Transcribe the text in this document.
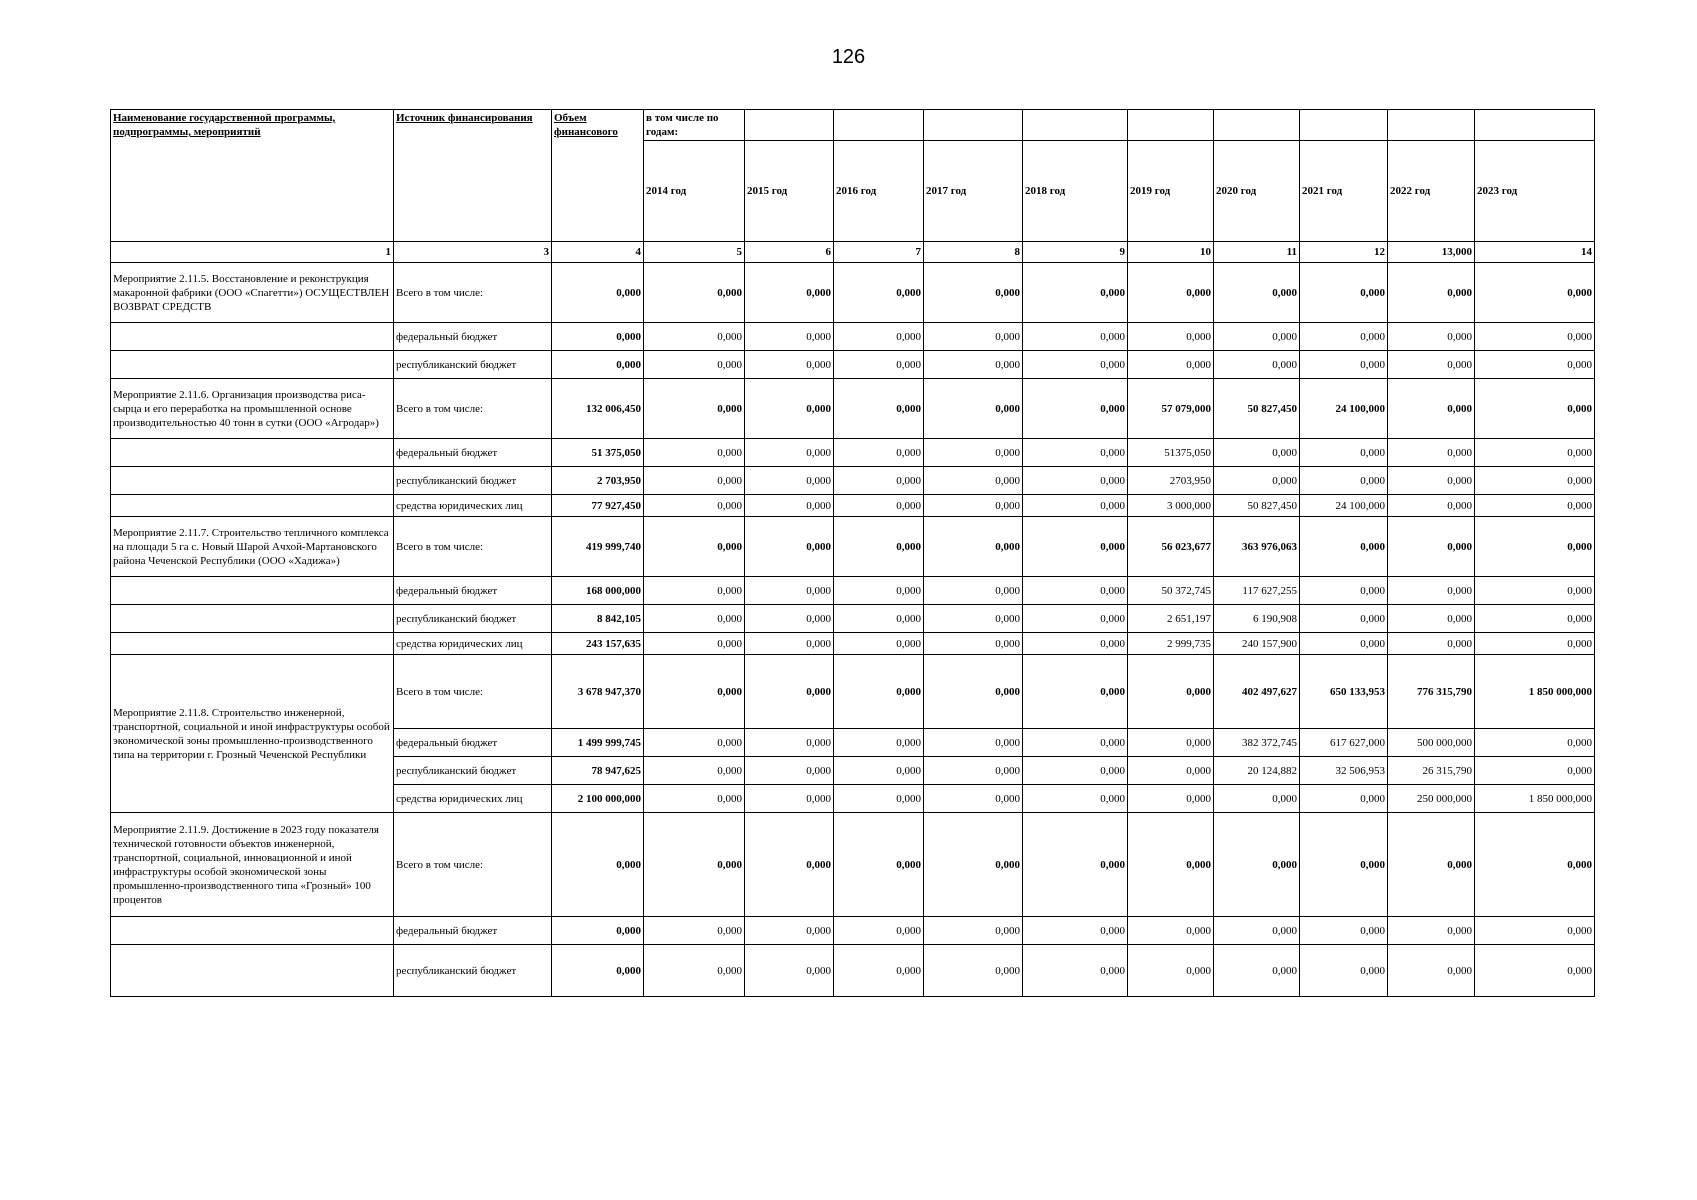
126
Наименование государственной программы, подпрограммы, мероприятий	Источник финансирования	Объем финансового	в том числе по годам:									
			2014 год	2015 год	2016 год	2017 год	2018 год	2019 год	2020 год	2021 год	2022 год	2023 год
1	3	4	5	6	7	8	9	10	11	12	13,000	14
Мероприятие 2.11.5. Восстановление и реконструкция макаронной фабрики (ООО «Спагетти») ОСУЩЕСТВЛЕН ВОЗВРАТ СРЕДСТВ	Всего в том числе:	0,000	0,000	0,000	0,000	0,000	0,000	0,000	0,000	0,000	0,000	0,000
	федеральный бюджет	0,000	0,000	0,000	0,000	0,000	0,000	0,000	0,000	0,000	0,000	0,000
	республиканский бюджет	0,000	0,000	0,000	0,000	0,000	0,000	0,000	0,000	0,000	0,000	0,000
Мероприятие 2.11.6. Организация производства риса-сырца и его переработка на промышленной основе производительностью 40 тонн в сутки (ООО «Агродар»)	Всего в том числе:	132 006,450	0,000	0,000	0,000	0,000	0,000	57 079,000	50 827,450	24 100,000	0,000	0,000
	федеральный бюджет	51 375,050	0,000	0,000	0,000	0,000	0,000	51375,050	0,000	0,000	0,000	0,000
	республиканский бюджет	2 703,950	0,000	0,000	0,000	0,000	0,000	2703,950	0,000	0,000	0,000	0,000
	средства юридических лиц	77 927,450	0,000	0,000	0,000	0,000	0,000	3 000,000	50 827,450	24 100,000	0,000	0,000
Мероприятие 2.11.7. Строительство тепличного комплекса на площади 5 га с. Новый Шарой Ачхой-Мартановского района Чеченской Республики (ООО «Хадижа»)	Всего в том числе:	419 999,740	0,000	0,000	0,000	0,000	0,000	56 023,677	363 976,063	0,000	0,000	0,000
	федеральный бюджет	168 000,000	0,000	0,000	0,000	0,000	0,000	50 372,745	117 627,255	0,000	0,000	0,000
	республиканский бюджет	8 842,105	0,000	0,000	0,000	0,000	0,000	2 651,197	6 190,908	0,000	0,000	0,000
	средства юридических лиц	243 157,635	0,000	0,000	0,000	0,000	0,000	2 999,735	240 157,900	0,000	0,000	0,000
Мероприятие 2.11.8. Строительство инженерной, транспортной, социальной и иной инфраструктуры особой экономической зоны промышленно-производственного типа на территории г. Грозный Чеченской Республики	Всего в том числе:	3 678 947,370	0,000	0,000	0,000	0,000	0,000	0,000	402 497,627	650 133,953	776 315,790	1 850 000,000
	федеральный бюджет	1 499 999,745	0,000	0,000	0,000	0,000	0,000	0,000	382 372,745	617 627,000	500 000,000	0,000
	республиканский бюджет	78 947,625	0,000	0,000	0,000	0,000	0,000	0,000	20 124,882	32 506,953	26 315,790	0,000
	средства юридических лиц	2 100 000,000	0,000	0,000	0,000	0,000	0,000	0,000	0,000	0,000	250 000,000	1 850 000,000
Мероприятие 2.11.9. Достижение в 2023 году показателя технической готовности объектов инженерной, транспортной, социальной, инновационной и иной инфраструктуры особой экономической зоны промышленно-производственного типа «Грозный» 100 процентов	Всего в том числе:	0,000	0,000	0,000	0,000	0,000	0,000	0,000	0,000	0,000	0,000	0,000
	федеральный бюджет	0,000	0,000	0,000	0,000	0,000	0,000	0,000	0,000	0,000	0,000	0,000
	республиканский бюджет	0,000	0,000	0,000	0,000	0,000	0,000	0,000	0,000	0,000	0,000	0,000
